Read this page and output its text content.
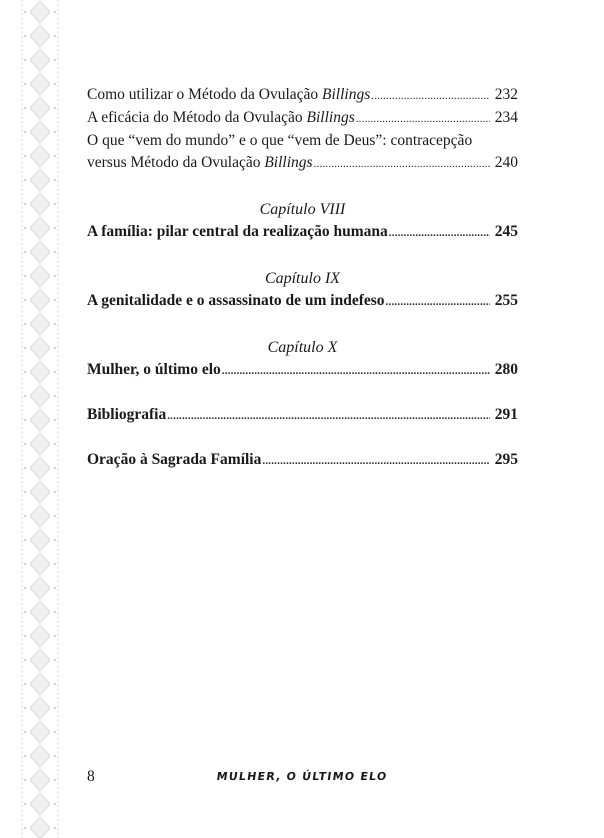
Como utilizar o Método da Ovulação Billings .....	232
A eficácia do Método da Ovulação Billings .....	234
O que “vem do mundo” e o que “vem de Deus”: contracepção
versus Método da Ovulação Billings .....	240
Capítulo VIII
A família: pilar central da realização humana .....	245
Capítulo IX
A genitalidade e o assassinato de um indefeso .....	255
Capítulo X
Mulher, o último elo .....	280
Bibliografia .....	291
Oração à Sagrada Família .....	295
8	MULHER, O ÚLTIMO ELO
